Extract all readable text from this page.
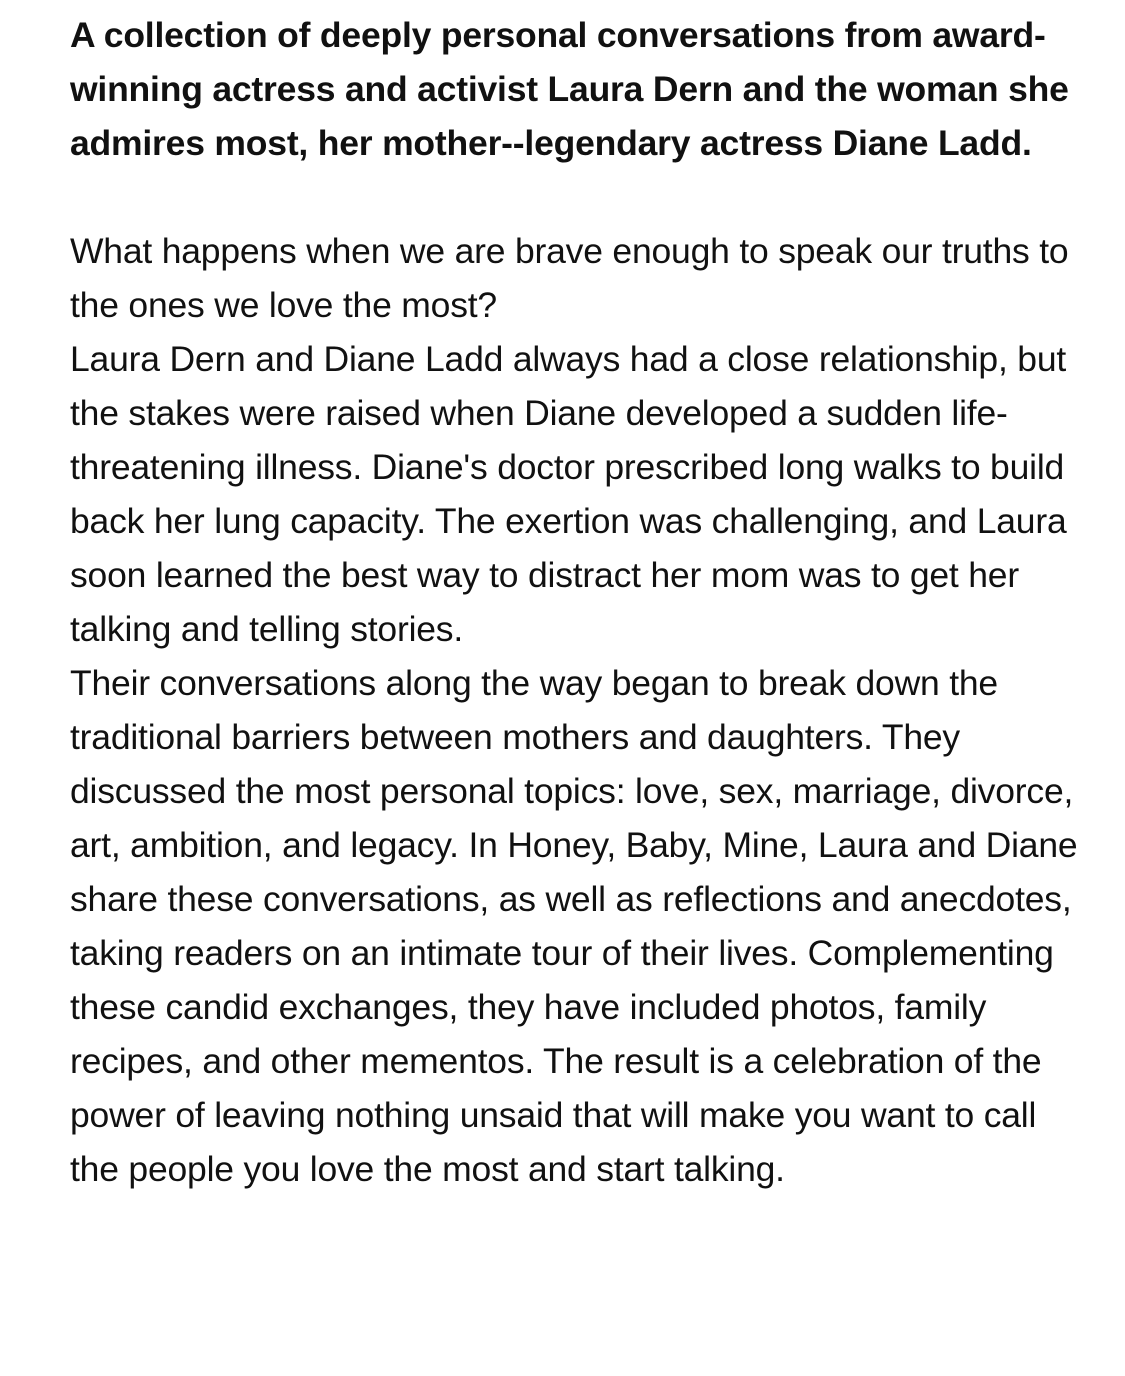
A collection of deeply personal conversations from award-winning actress and activist Laura Dern and the woman she admires most, her mother--legendary actress Diane Ladd.

What happens when we are brave enough to speak our truths to the ones we love the most?

Laura Dern and Diane Ladd always had a close relationship, but the stakes were raised when Diane developed a sudden life-threatening illness. Diane's doctor prescribed long walks to build back her lung capacity. The exertion was challenging, and Laura soon learned the best way to distract her mom was to get her talking and telling stories.

Their conversations along the way began to break down the traditional barriers between mothers and daughters. They discussed the most personal topics: love, sex, marriage, divorce, art, ambition, and legacy. In Honey, Baby, Mine, Laura and Diane share these conversations, as well as reflections and anecdotes, taking readers on an intimate tour of their lives. Complementing these candid exchanges, they have included photos, family recipes, and other mementos. The result is a celebration of the power of leaving nothing unsaid that will make you want to call the people you love the most and start talking.
